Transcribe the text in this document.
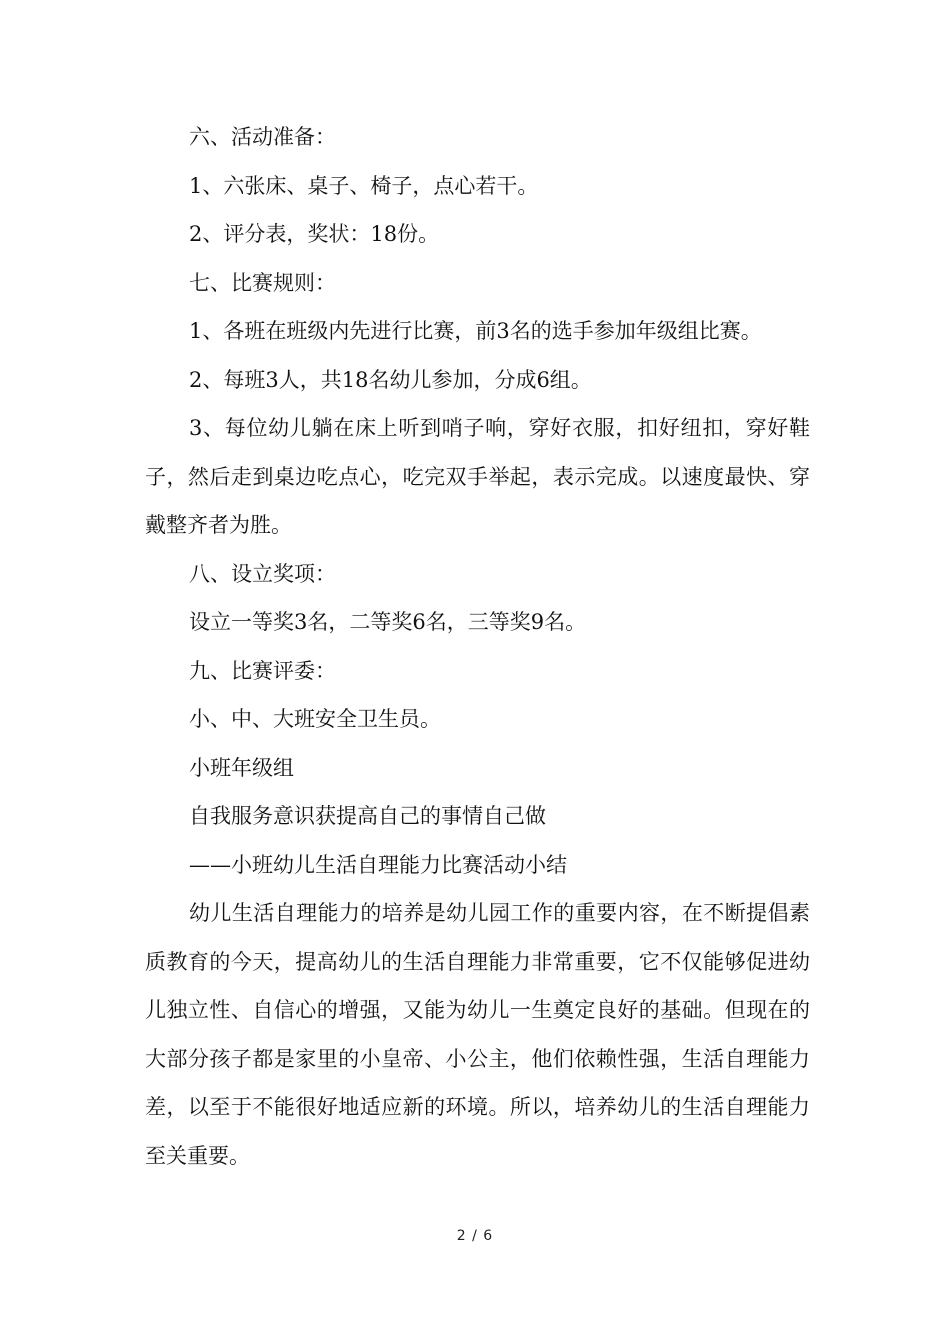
六、活动准备：

1、六张床、桌子、椅子，点心若干。

2、评分表，奖状：18份。

七、比赛规则：

1、各班在班级内先进行比赛，前3名的选手参加年级组比赛。

2、每班3人，共18名幼儿参加，分成6组。

3、每位幼儿躺在床上听到哨子响，穿好衣服，扣好纽扣，穿好鞋子，然后走到桌边吃点心，吃完双手举起，表示完成。以速度最快、穿戴整齐者为胜。

八、设立奖项：

设立一等奖3名，二等奖6名，三等奖9名。

九、比赛评委：

小、中、大班安全卫生员。

小班年级组

自我服务意识获提高自己的事情自己做

——小班幼儿生活自理能力比赛活动小结

幼儿生活自理能力的培养是幼儿园工作的重要内容，在不断提倡素质教育的今天，提高幼儿的生活自理能力非常重要，它不仅能够促进幼儿独立性、自信心的增强，又能为幼儿一生奠定良好的基础。但现在的大部分孩子都是家里的小皇帝、小公主，他们依赖性强，生活自理能力差，以至于不能很好地适应新的环境。所以，培养幼儿的生活自理能力至关重要。

2 / 6
